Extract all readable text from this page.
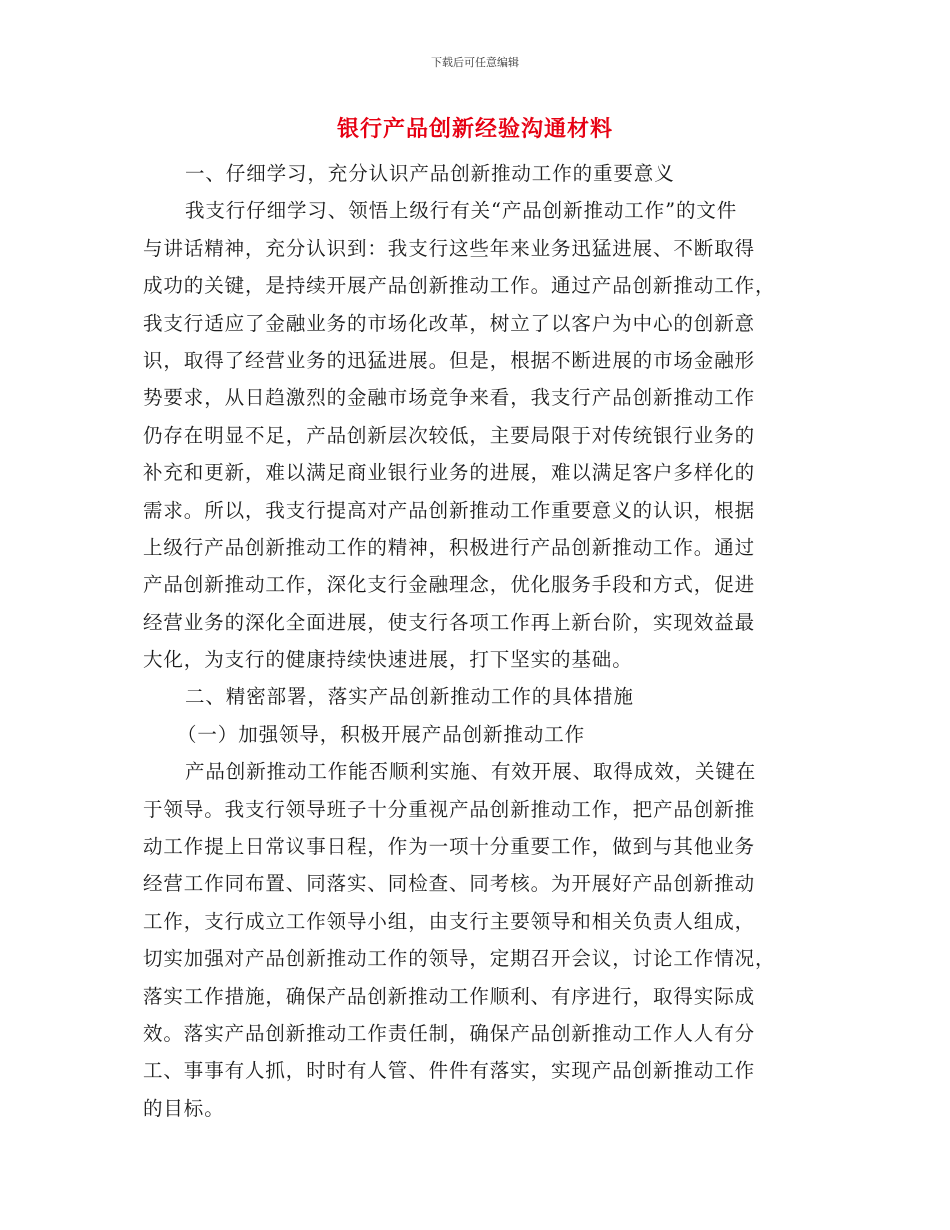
下载后可任意编辑
银行产品创新经验沟通材料
一、仔细学习，充分认识产品创新推动工作的重要意义
我支行仔细学习、领悟上级行有关“产品创新推动工作”的文件
与讲话精神，充分认识到：我支行这些年来业务迅猛进展、不断取得
成功的关键，是持续开展产品创新推动工作。通过产品创新推动工作，
我支行适应了金融业务的市场化改革，树立了以客户为中心的创新意
识，取得了经营业务的迅猛进展。但是，根据不断进展的市场金融形
势要求，从日趋激烈的金融市场竞争来看，我支行产品创新推动工作
仍存在明显不足，产品创新层次较低，主要局限于对传统银行业务的
补充和更新，难以满足商业银行业务的进展，难以满足客户多样化的
需求。所以，我支行提高对产品创新推动工作重要意义的认识，根据
上级行产品创新推动工作的精神，积极进行产品创新推动工作。通过
产品创新推动工作，深化支行金融理念，优化服务手段和方式，促进
经营业务的深化全面进展，使支行各项工作再上新台阶，实现效益最
大化，为支行的健康持续快速进展，打下坚实的基础。
二、精密部署，落实产品创新推动工作的具体措施
（一）加强领导，积极开展产品创新推动工作
产品创新推动工作能否顺利实施、有效开展、取得成效，关键在
于领导。我支行领导班子十分重视产品创新推动工作，把产品创新推
动工作提上日常议事日程，作为一项十分重要工作，做到与其他业务
经营工作同布置、同落实、同检查、同考核。为开展好产品创新推动
工作，支行成立工作领导小组，由支行主要领导和相关负责人组成，
切实加强对产品创新推动工作的领导，定期召开会议，讨论工作情况，
落实工作措施，确保产品创新推动工作顺利、有序进行，取得实际成
效。落实产品创新推动工作责任制，确保产品创新推动工作人人有分
工、事事有人抓，时时有人管、件件有落实，实现产品创新推动工作
的目标。
